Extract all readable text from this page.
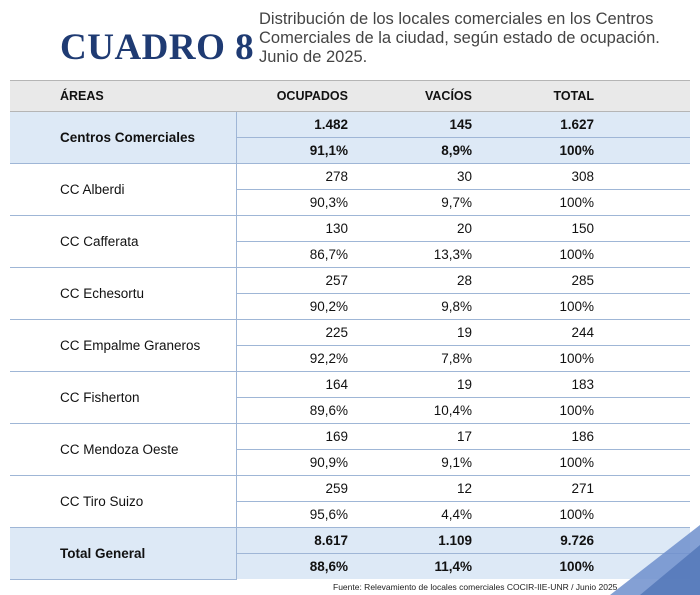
CUADRO 8
Distribución de los locales comerciales en los Centros Comerciales de la ciudad, según estado de ocupación. Junio de 2025.
ÁREAS	OCUPADOS	VACÍOS	TOTAL	
Centros Comerciales	1.482	145	1.627	
	91,1%	8,9%	100%	
CC Alberdi	278	30	308	
	90,3%	9,7%	100%	
CC Cafferata	130	20	150	
	86,7%	13,3%	100%	
CC Echesortu	257	28	285	
	90,2%	9,8%	100%	
CC Empalme Graneros	225	19	244	
	92,2%	7,8%	100%	
CC Fisherton	164	19	183	
	89,6%	10,4%	100%	
CC Mendoza Oeste	169	17	186	
	90,9%	9,1%	100%	
CC Tiro Suizo	259	12	271	
	95,6%	4,4%	100%	
Total General	8.617	1.109	9.726	
	88,6%	11,4%	100%	
Fuente: Relevamiento de locales comerciales COCIR-IIE-UNR / Junio 2025
